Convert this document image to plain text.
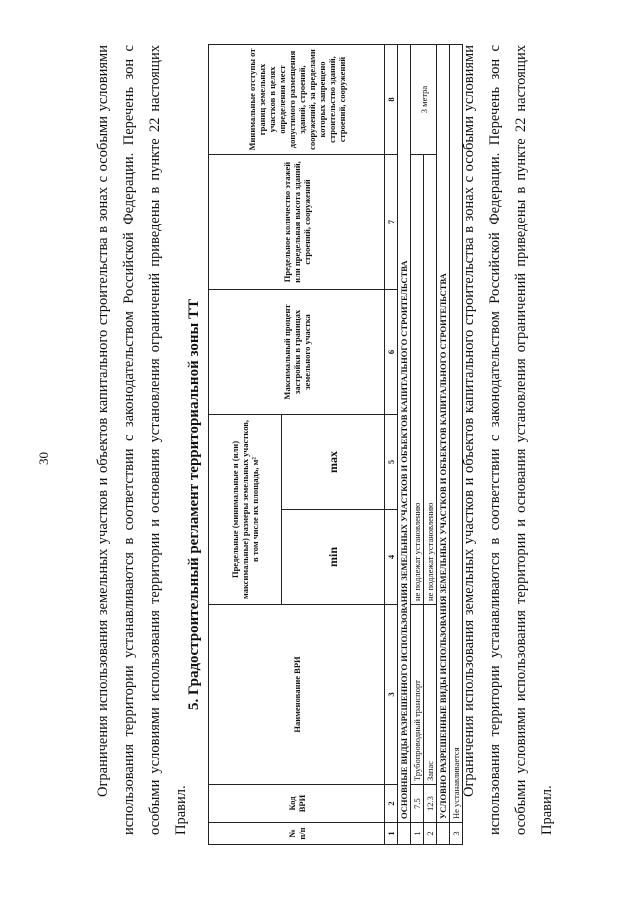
30	Ограничения использования земельных участков и объектов капитального строительства в зонах с особыми условиями использования территории устанавливаются в соответствии с законодательством Российской Федерации. Перечень зон с особыми условиями использования территории и основания установления ограничений приведены в пункте 22 настоящих Правил.

5. Градостроительный регламент территориальной зоны ТТ
№ п/п	Код ВРИ	Наименование ВРИ	Предельные (минимальные и (или) максимальные) размеры земельных участков, в том числе их площадь, м²		Максимальный процент застройки в границах земельного участка	Предельное количество этажей или предельная высота зданий, строений, сооружений	Минимальные отступы от границ земельных участков в целях определения мест допустимого размещения зданий, строений, сооружений, за пределами которых запрещено строительство зданий, строений, сооружений
			min	max			
1	2	3	4	5	6	7	8
	ОСНОВНЫЕ ВИДЫ РАЗРЕШЕННОГО ИСПОЛЬЗОВАНИЯ ЗЕМЕЛЬНЫХ УЧАСТКОВ И ОБЪЕКТОВ КАПИТАЛЬНОГО СТРОИТЕЛЬСТВА						
1	7.5	Трубопроводный транспорт	не подлежат установлению				3 метра
2	12.3	Запас	не подлежат установлению				
	УСЛОВНО РАЗРЕШЕННЫЕ ВИДЫ ИСПОЛЬЗОВАНИЯ ЗЕМЕЛЬНЫХ УЧАСТКОВ И ОБЪЕКТОВ КАПИТАЛЬНОГО СТРОИТЕЛЬСТВА						
3	Не устанавливается						Ограничения использования земельных участков и объектов капитального строительства в зонах с особыми условиями использования территории устанавливаются в соответствии с законодательством Российской Федерации. Перечень зон с особыми условиями использования территории и основания установления ограничений приведены в пункте 22 настоящих Правил.
